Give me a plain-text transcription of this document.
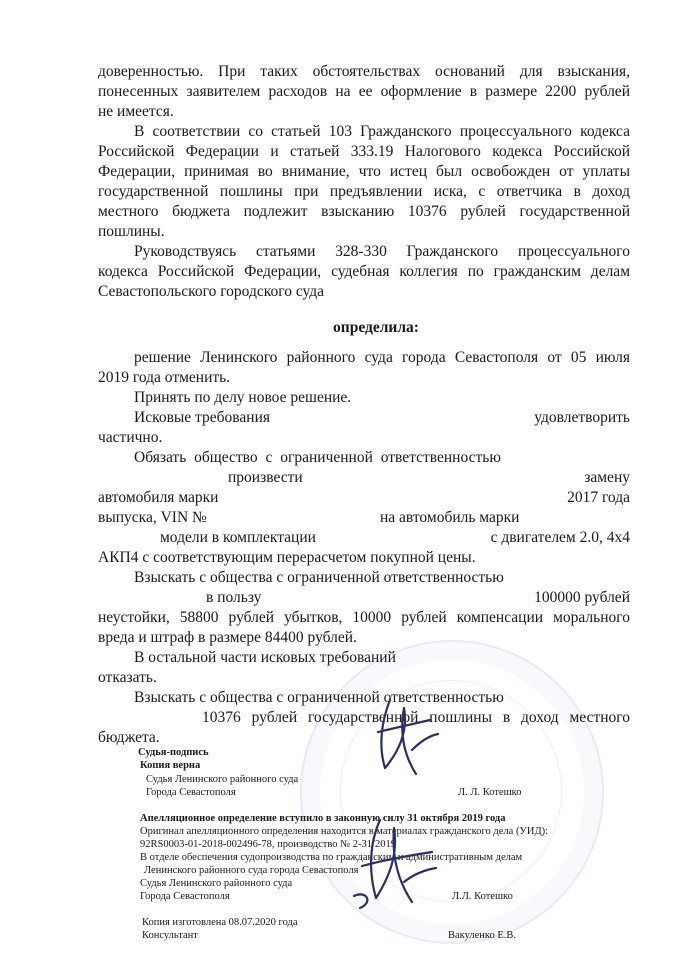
доверенностью. При таких обстоятельствах оснований для взыскания,
понесенных заявителем расходов на ее оформление в размере 2200 рублей
не имеется.
В соответствии со статьей 103 Гражданского процессуального кодекса
Российской Федерации и статьей 333.19 Налогового кодекса Российской
Федерации, принимая во внимание, что истец был освобожден от уплаты
государственной пошлины при предъявлении иска, с ответчика в доход
местного бюджета подлежит взысканию 10376 рублей государственной
пошлины.
Руководствуясь статьями 328-330 Гражданского процессуального
кодекса Российской Федерации, судебная коллегия по гражданским делам
Севастопольского городского суда
определила:
решение Ленинского районного суда города Севастополя от 05 июля
2019 года отменить.
Принять по делу новое решение.
Исковые требования	удовлетворить
частично.
Обязать общество с ограниченной ответственностью
произвести	замену
автомобиля марки	2017 года
выпуска, VIN №	на автомобиль марки
модели в комплектации	с двигателем 2.0, 4х4
АКП4 с соответствующим перерасчетом покупной цены.
Взыскать с общества с ограниченной ответственностью
в пользу	100000 рублей
неустойки, 58800 рублей убытков, 10000 рублей компенсации морального
вреда и штраф в размере 84400 рублей.
В остальной части исковых требований
отказать.
Взыскать с общества с ограниченной ответственностью
10376 рублей государственной пошлины в доход местного
бюджета.
Судья-подпись
Копия верна
Судья Ленинского районного суда
Города Севастополя	Л. Л. Котешко
Апелляционное определение вступило в законную силу 31 октября 2019 года
Оригинал апелляционного определения находится в материалах гражданского дела (УИД):
92RS0003-01-2018-002496-78, производство № 2-31/2019
В отделе обеспечения судопроизводства по гражданским и административным делам
Ленинского районного суда города Севастополя
Судья Ленинского районного суда
Города Севастополя	Л.Л. Котешко
Копия изготовлена 08.07.2020 года
Консультант	Вакуленко Е.В.
